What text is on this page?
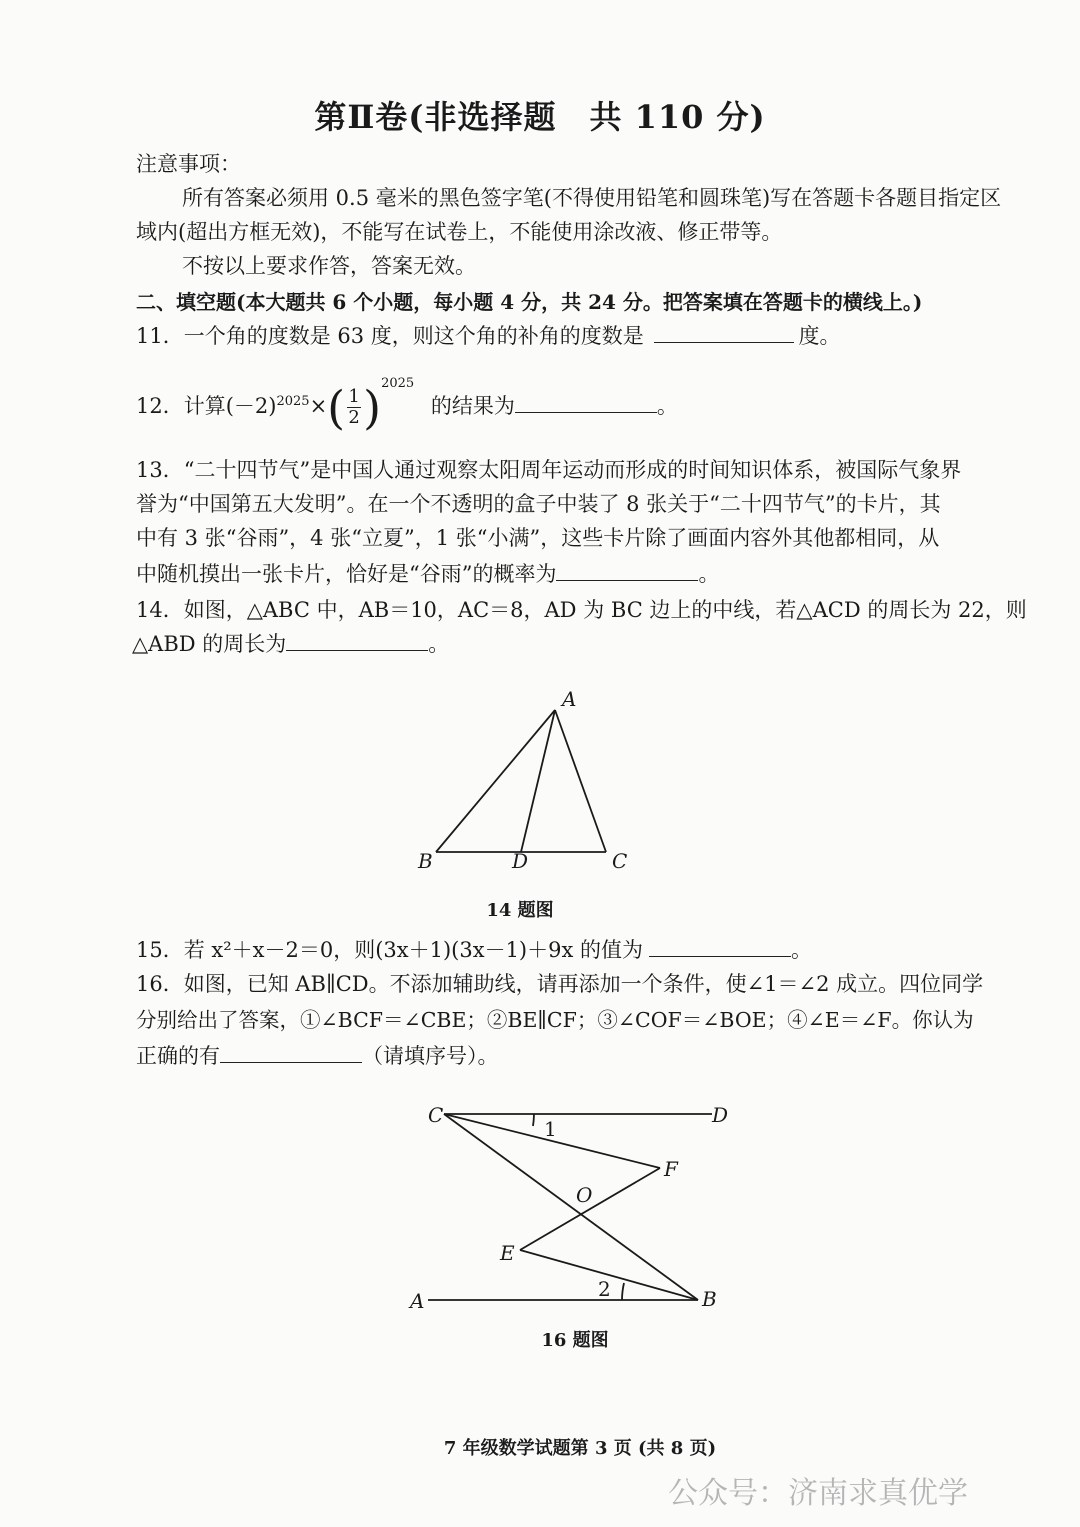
第Ⅱ卷(非选择题　共 110 分)
注意事项：
所有答案必须用 0.5 毫米的黑色签字笔(不得使用铅笔和圆珠笔)写在答题卡各题目指定区
域内(超出方框无效)，不能写在试卷上，不能使用涂改液、修正带等。
不按以上要求作答，答案无效。
二、填空题(本大题共 6 个小题，每小题 4 分，共 24 分。把答案填在答题卡的横线上。)
11．一个角的度数是 63 度，则这个角的补角的度数是	度。
12．计算$(-2)^{2025}\times( \frac{1}{2} )^{2025}$ 的结果为	。
13．“二十四节气”是中国人通过观察太阳周年运动而形成的时间知识体系，被国际气象界
誉为“中国第五大发明”。在一个不透明的盒子中装了 8 张关于“二十四节气”的卡片，其
中有 3 张“谷雨”，4 张“立夏”，1 张“小满”，这些卡片除了画面内容外其他都相同，从
中随机摸出一张卡片，恰好是“谷雨”的概率为	。
14．如图，△ABC 中，AB＝10，AC＝8，AD 为 BC 边上的中线，若△ACD 的周长为 22，则
△ABD 的周长为	。
A
B	C
D
14 题图
15．若 x²＋x－2＝0，则(3x＋1)(3x－1)＋9x 的值为	。
16．如图，已知 AB∥CD。不添加辅助线，请再添加一个条件，使∠1＝∠2 成立。四位同学
分别给出了答案，①∠BCF＝∠CBE；②BE∥CF；③∠COF＝∠BOE；④∠E＝∠F。你认为
正确的有	（请填序号）。
C	D
F
O
E
A	B
1
2
16 题图
7 年级数学试题第 3 页 (共 8 页)
公众号：济南求真优学
